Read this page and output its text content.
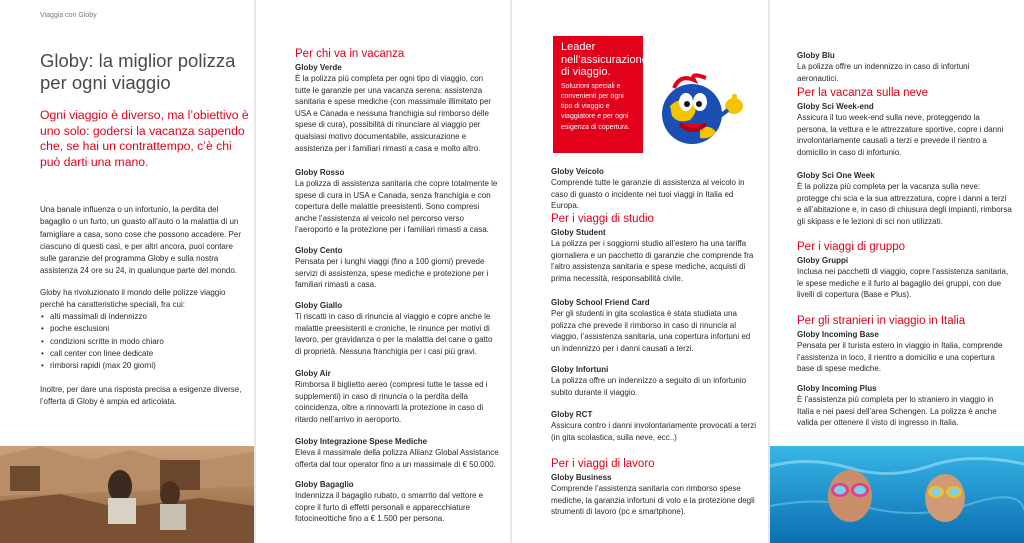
Viaggia con Globy
Globy: la miglior polizza per ogni viaggio

Ogni viaggio è diverso, ma l’obiettivo è uno solo: godersi la vacanza sapendo che, se hai un contrattempo, c’è chi può darti una mano.

Una banale influenza o un infortunio, la perdita del bagaglio o un furto, un guasto all’auto o la malattia di un famigliare a casa, sono cose che possono accadere. Per ciascuno di questi casi, e per altri ancora, puoi contare sulle garanzie del programma Globy e sulla nostra assistenza 24 ore su 24, in qualunque parte del mondo.

Globy ha rivoluzionato il mondo delle polizze viaggio perché ha caratteristiche speciali, fra cui:

• alti massimali di indennizzo
• poche esclusioni
• condizioni scritte in modo chiaro
• call center con linee dedicate
• rimborsi rapidi (max 20 giorni)

Inoltre, per dare una risposta precisa a esigenze diverse, l’offerta di Globy è ampia ed articolata.

Per chi va in vacanza
Globy Verde

È la polizza più completa per ogni tipo di viaggio, con tutte le garanzie per una vacanza serena: assistenza sanitaria e spese mediche (con massimale illimitato per USA e Canada e nessuna franchigia sul rimborso delle spese di cura), possibilità di rinunciare al viaggio per qualsiasi motivo documentabile, assicurazione e assistenza per i familiari rimasti a casa e molto altro.

Globy Rosso

La polizza di assistenza sanitaria che copre totalmente le spese di cura in USA e Canada, senza franchigia e con copertura delle malattie preesistenti. Sono compresi anche l’assistenza al veicolo nel percorso verso l’aeroporto e la protezione per i familiari rimasti a casa.

Globy Cento

Pensata per i lunghi viaggi (fino a 100 giorni) prevede servizi di assistenza, spese mediche e protezione per i familiari rimasti a casa.

Globy Giallo

Ti riscatti in caso di rinuncia al viaggio e copre anche le malattie preesistenti e croniche, le rinunce per motivi di lavoro, per gravidanza o per la malattia del cane o gatto di proprietà. Nessuna franchigia per i casi più gravi.

Globy Air

Rimborsa il biglietto aereo (compresi tutte le tasse ed i supplementi) in caso di rinuncia o la perdita della coincidenza, oltre a rinnovarti la protezione in caso di ritardo nell’arrivo in aeroporto.

Globy Integrazione Spese Mediche

Eleva il massimale della polizza Allianz Global Assistance offerta dal tour operator fino a un massimale di € 50.000.

Globy Bagaglio

Indennizza il bagaglio rubato, o smarrito dal vettore e copre il furto di effetti personali e apparecchiature fotocineottiche fino a € 1.500 per persona.

Leader nell’assicurazione di viaggio.
Soluzioni speciali e convenienti per ogni tipo di viaggio e viaggiatore e per ogni esigenza di copertura.
Globy Veicolo

Comprende tutte le garanzie di assistenza al veicolo in caso di guasto o incidente nei tuoi viaggi in Italia ed Europa.

Per i viaggi di studio
Globy Student

La polizza per i soggiorni studio all’estero ha una tariffa giornaliera e un pacchetto di garanzie che comprende fra l’altro assistenza sanitaria e spese mediche, acquisti di prima necessità, responsabilità civile.

Globy School Friend Card

Per gli studenti in gita scolastica è stata studiata una polizza che prevede il rimborso in caso di rinuncia al viaggio, l’assistenza sanitaria, una copertura infortuni ed un indennizzo per i danni causati a terzi.

Globy Infortuni

La polizza offre un indennizzo a seguito di un infortunio subito durante il viaggio.

Globy RCT

Assicura contro i danni involontariamente provocati a terzi (in gita scolastica, sulla neve, ecc..)

Per i viaggi di lavoro
Globy Business

Comprende l’assistenza sanitaria con rimborso spese mediche, la garanzia infortuni di volo e la protezione degli strumenti di lavoro (pc e smartphone).

Globy Blu

La polizza offre un indennizzo in caso di infortuni aeronautici.

Per la vacanza sulla neve
Globy Sci Week-end

Assicura il tuo week-end sulla neve, proteggendo la persona, la vettura e le attrezzature sportive, copre i danni involontariamente causati a terzi e prevede il rientro a domicilio in caso di infortunio.

Globy Sci One Week

È la polizza più completa per la vacanza sulla neve: protegge chi scia e la sua attrezzatura, copre i danni a terzi e all’abitazione e, in caso di chiusura degli impianti, rimborsa gli skipass e le lezioni di sci non utilizzati.

Per i viaggi di gruppo
Globy Gruppi

Inclusa nei pacchetti di viaggio, copre l’assistenza sanitaria, le spese mediche e il furto al bagaglio dei gruppi, con due livelli di copertura (Base e Plus).

Per gli stranieri in viaggio in Italia
Globy Incoming Base

Pensata per il turista estero in viaggio in Italia, comprende l’assistenza in loco, il rientro a domicilio e una copertura base di spese mediche.

Globy Incoming Plus

È l’assistenza più completa per lo straniero in viaggio in Italia e nei paesi dell’area Schengen. La polizza è anche valida per ottenere il visto di ingresso in Italia.
